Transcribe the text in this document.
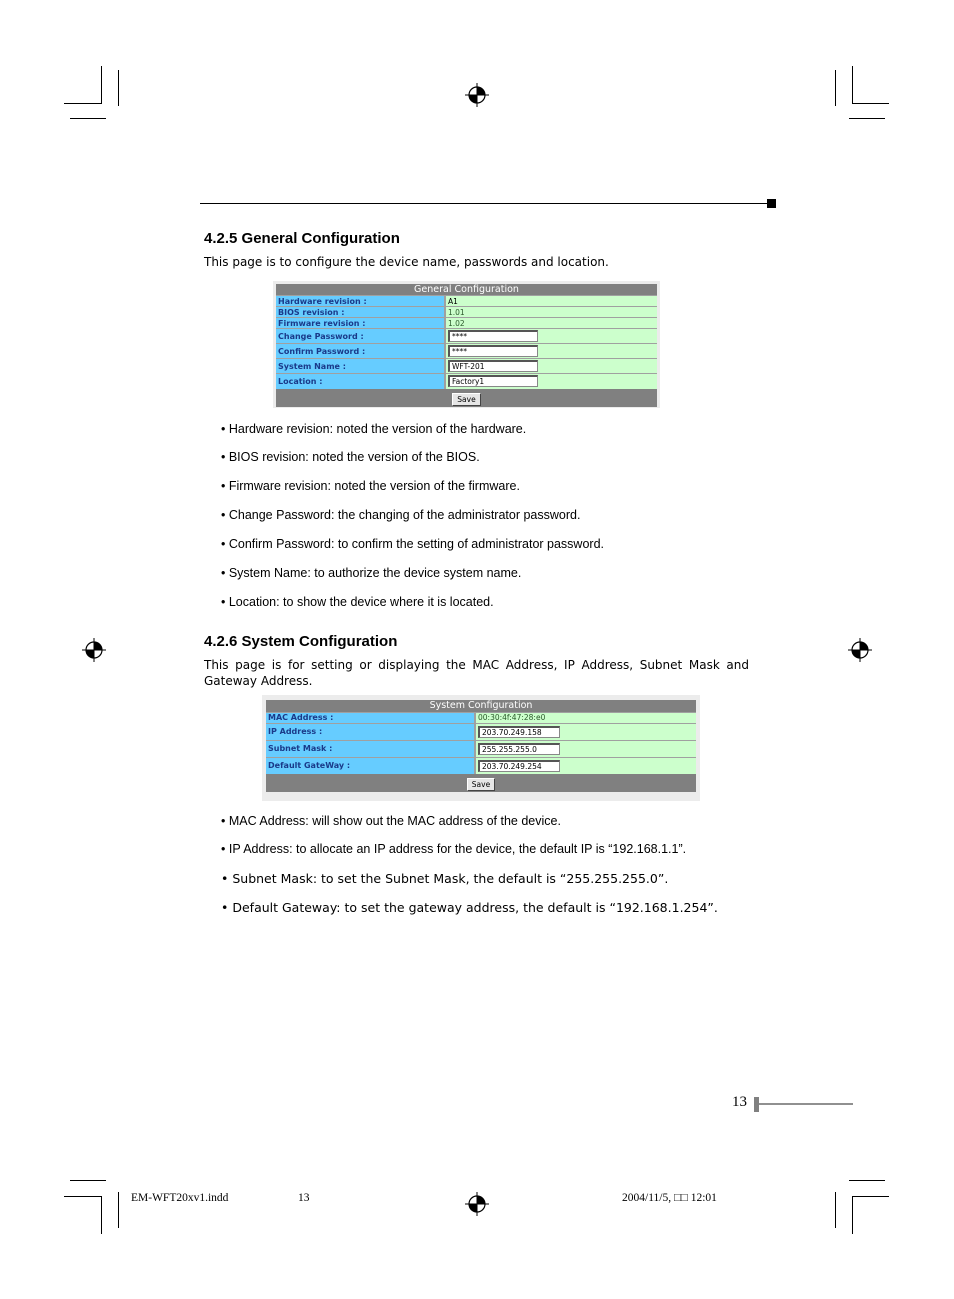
4.2.5 General Configuration

This page is to configure the device name, passwords and location.

General Configuration	
Hardware revision :	A1
BIOS revision :	1.01
Firmware revision :	1.02
Change Password :	****
Confirm Password :	****
System Name :	WFT-201
Location :	Factory1
Save	

• Hardware revision: noted the version of the hardware.

• BIOS revision: noted the version of the BIOS.

• Firmware revision: noted the version of the firmware.

• Change Password: the changing of the administrator password.

• Confirm Password: to confirm the setting of administrator password.

• System Name: to authorize the device system name.

• Location: to show the device where it is located.

4.2.6 System Configuration

This page is for setting or displaying the MAC Address, IP Address, Subnet Mask and Gateway Address.

System Configuration	
MAC Address :	00:30:4f:47:28:e0
IP Address :	203.70.249.158
Subnet Mask :	255.255.255.0
Default GateWay :	203.70.249.254
Save	

• MAC Address: will show out the MAC address of the device.

• IP Address: to allocate an IP address for the device, the default IP is “192.168.1.1”.

• Subnet Mask: to set the Subnet Mask, the default is “255.255.255.0”.

• Default Gateway: to set the gateway address, the default is “192.168.1.254”.

13
EM-WFT20xv1.indd	13	2004/11/5, □□ 12:01
